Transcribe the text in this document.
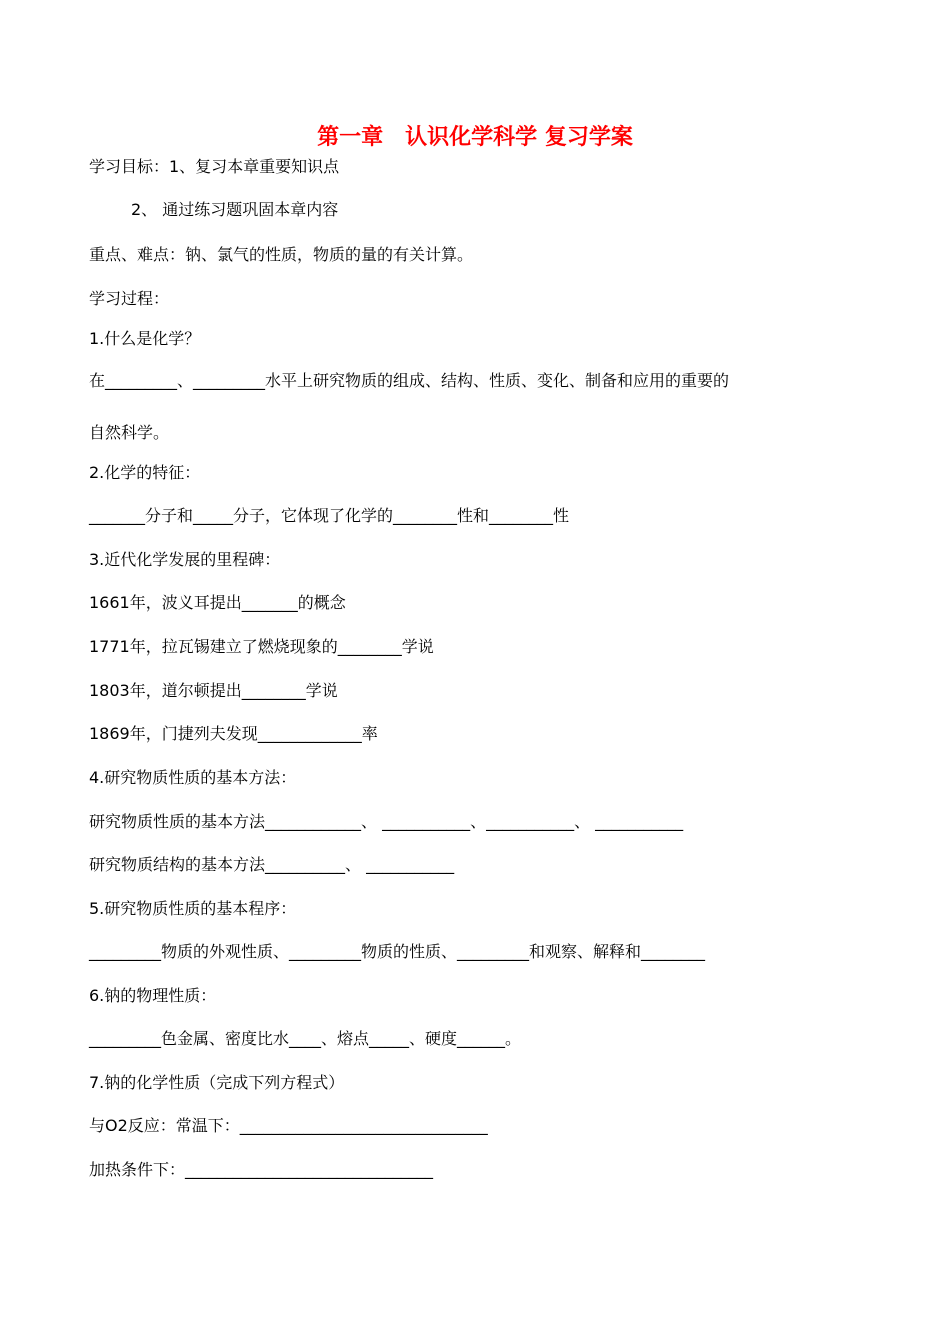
第一章　认识化学科学 复习学案
学习目标：1、复习本章重要知识点
2、 通过练习题巩固本章内容
重点、难点：钠、氯气的性质，物质的量的有关计算。
学习过程：
1.什么是化学？
在_________、_________水平上研究物质的组成、结构、性质、变化、制备和应用的重要的
自然科学。
2.化学的特征：
_______分子和_____分子，它体现了化学的________性和________性
3.近代化学发展的里程碑：
1661年，波义耳提出_______的概念
1771年，拉瓦锡建立了燃烧现象的________学说
1803年，道尔顿提出________学说
1869年，门捷列夫发现_____________率
4.研究物质性质的基本方法：
研究物质性质的基本方法____________、 ___________、___________、 ___________
研究物质结构的基本方法__________、 ___________
5.研究物质性质的基本程序：
_________物质的外观性质、_________物质的性质、_________和观察、解释和________
6.钠的物理性质：
_________色金属、密度比水____、熔点_____、硬度______。
7.钠的化学性质（完成下列方程式）
与O2反应：常温下：_______________________________
加热条件下：_______________________________
